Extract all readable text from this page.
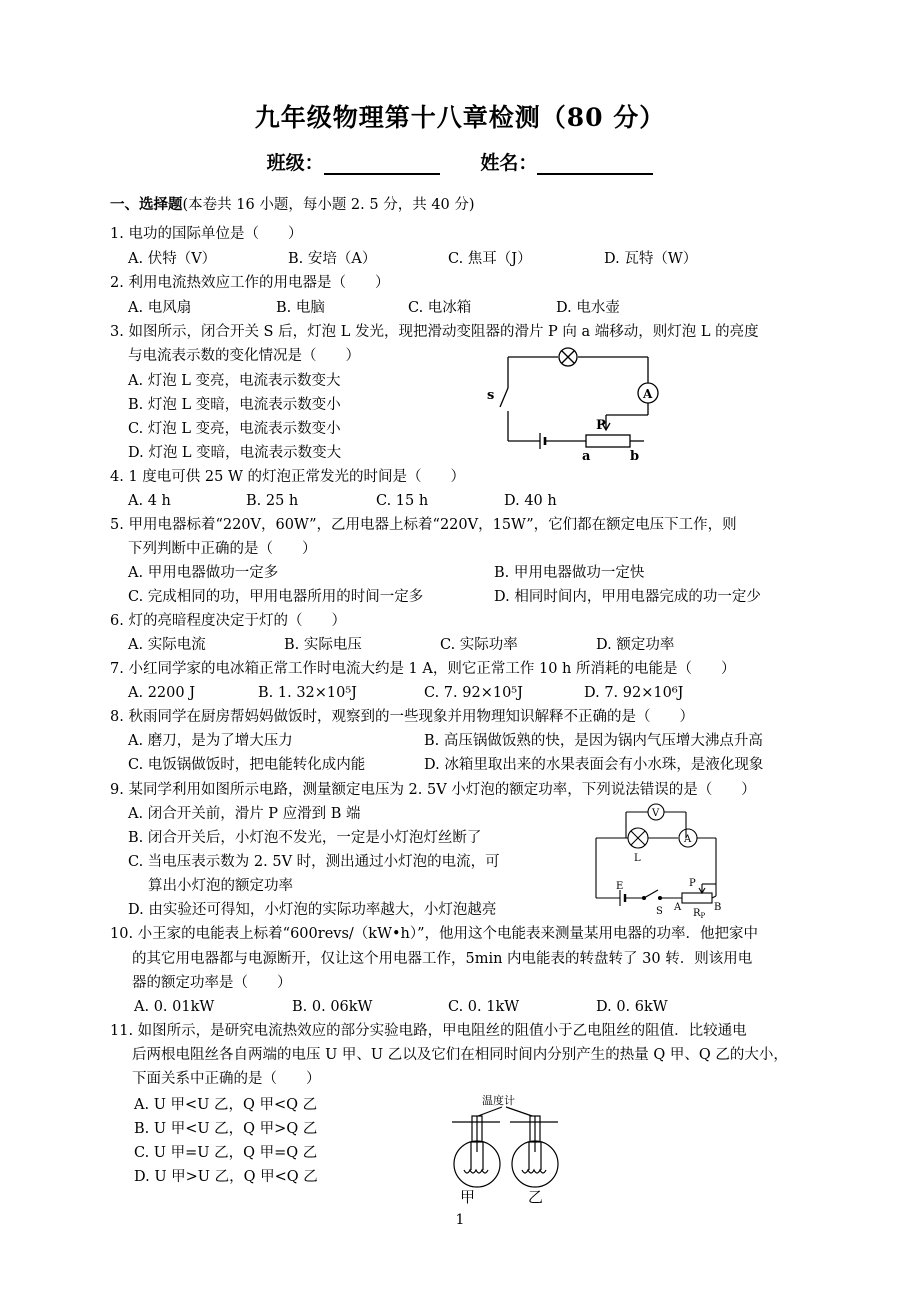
九年级物理第十八章检测（80 分）
班级：	姓名：
一、选择题(本卷共 16 小题，每小题 2. 5 分，共 40 分)
1. 电功的国际单位是（　　）
A. 伏特（V）	B. 安培（A）	C. 焦耳（J）	D. 瓦特（W）
2. 利用电流热效应工作的用电器是（　　）
A. 电风扇	B. 电脑	C. 电冰箱	D. 电水壶
3. 如图所示，闭合开关 S 后，灯泡 L 发光，现把滑动变阻器的滑片 P 向 a 端移动，则灯泡 L 的亮度
与电流表示数的变化情况是（　　）
A. 灯泡 L 变亮，电流表示数变大
B. 灯泡 L 变暗，电流表示数变小
C. 灯泡 L 变亮，电流表示数变小
D. 灯泡 L 变暗，电流表示数变大
s	A
P
a	b
4. 1 度电可供 25 W 的灯泡正常发光的时间是（　　）
A. 4 h	B. 25 h	C. 15 h	D. 40 h
5. 甲用电器标着“220V，60W”，乙用电器上标着“220V，15W”，它们都在额定电压下工作，则
下列判断中正确的是（　　）
A. 甲用电器做功一定多	B. 甲用电器做功一定快
C. 完成相同的功，甲用电器所用的时间一定多	D. 相同时间内，甲用电器完成的功一定少
6. 灯的亮暗程度决定于灯的（　　）
A. 实际电流	B. 实际电压	C. 实际功率	D. 额定功率
7. 小红同学家的电冰箱正常工作时电流大约是 1 A，则它正常工作 10 h 所消耗的电能是（　　）
A. 2200 J	B. 1. 32×10⁵J	C. 7. 92×10⁵J	D. 7. 92×10⁶J
8. 秋雨同学在厨房帮妈妈做饭时，观察到的一些现象并用物理知识解释不正确的是（　　）
A. 磨刀，是为了增大压力	B. 高压锅做饭熟的快，是因为锅内气压增大沸点升高
C. 电饭锅做饭时，把电能转化成内能	D. 冰箱里取出来的水果表面会有小水珠，是液化现象
9. 某同学利用如图所示电路，测量额定电压为 2. 5V 小灯泡的额定功率，下列说法错误的是（　　）
A. 闭合开关前，滑片 P 应滑到 B 端
B. 闭合开关后，小灯泡不发光，一定是小灯泡灯丝断了
C. 当电压表示数为 2. 5V 时，测出通过小灯泡的电流，可
算出小灯泡的额定功率
D. 由实验还可得知，小灯泡的实际功率越大，小灯泡越亮
V
A
L
E
S
P
A
$R_P$
B
10. 小王家的电能表上标着“600revs/（kW•h）”，他用这个电能表来测量某用电器的功率．他把家中
的其它用电器都与电源断开，仅让这个用电器工作，5min 内电能表的转盘转了 30 转．则该用电
器的额定功率是（　　）
A. 0. 01kW	B. 0. 06kW	C. 0. 1kW	D. 0. 6kW
11. 如图所示，是研究电流热效应的部分实验电路，甲电阻丝的阻值小于乙电阻丝的阻值．比较通电
后两根电阻丝各自两端的电压 U 甲、U 乙以及它们在相同时间内分别产生的热量 Q 甲、Q 乙的大小，
下面关系中正确的是（　　）
A. U 甲<U 乙，Q 甲<Q 乙
B. U 甲<U 乙，Q 甲>Q 乙
C. U 甲=U 乙，Q 甲=Q 乙
D. U 甲>U 乙，Q 甲<Q 乙
温度计
甲	乙
1
